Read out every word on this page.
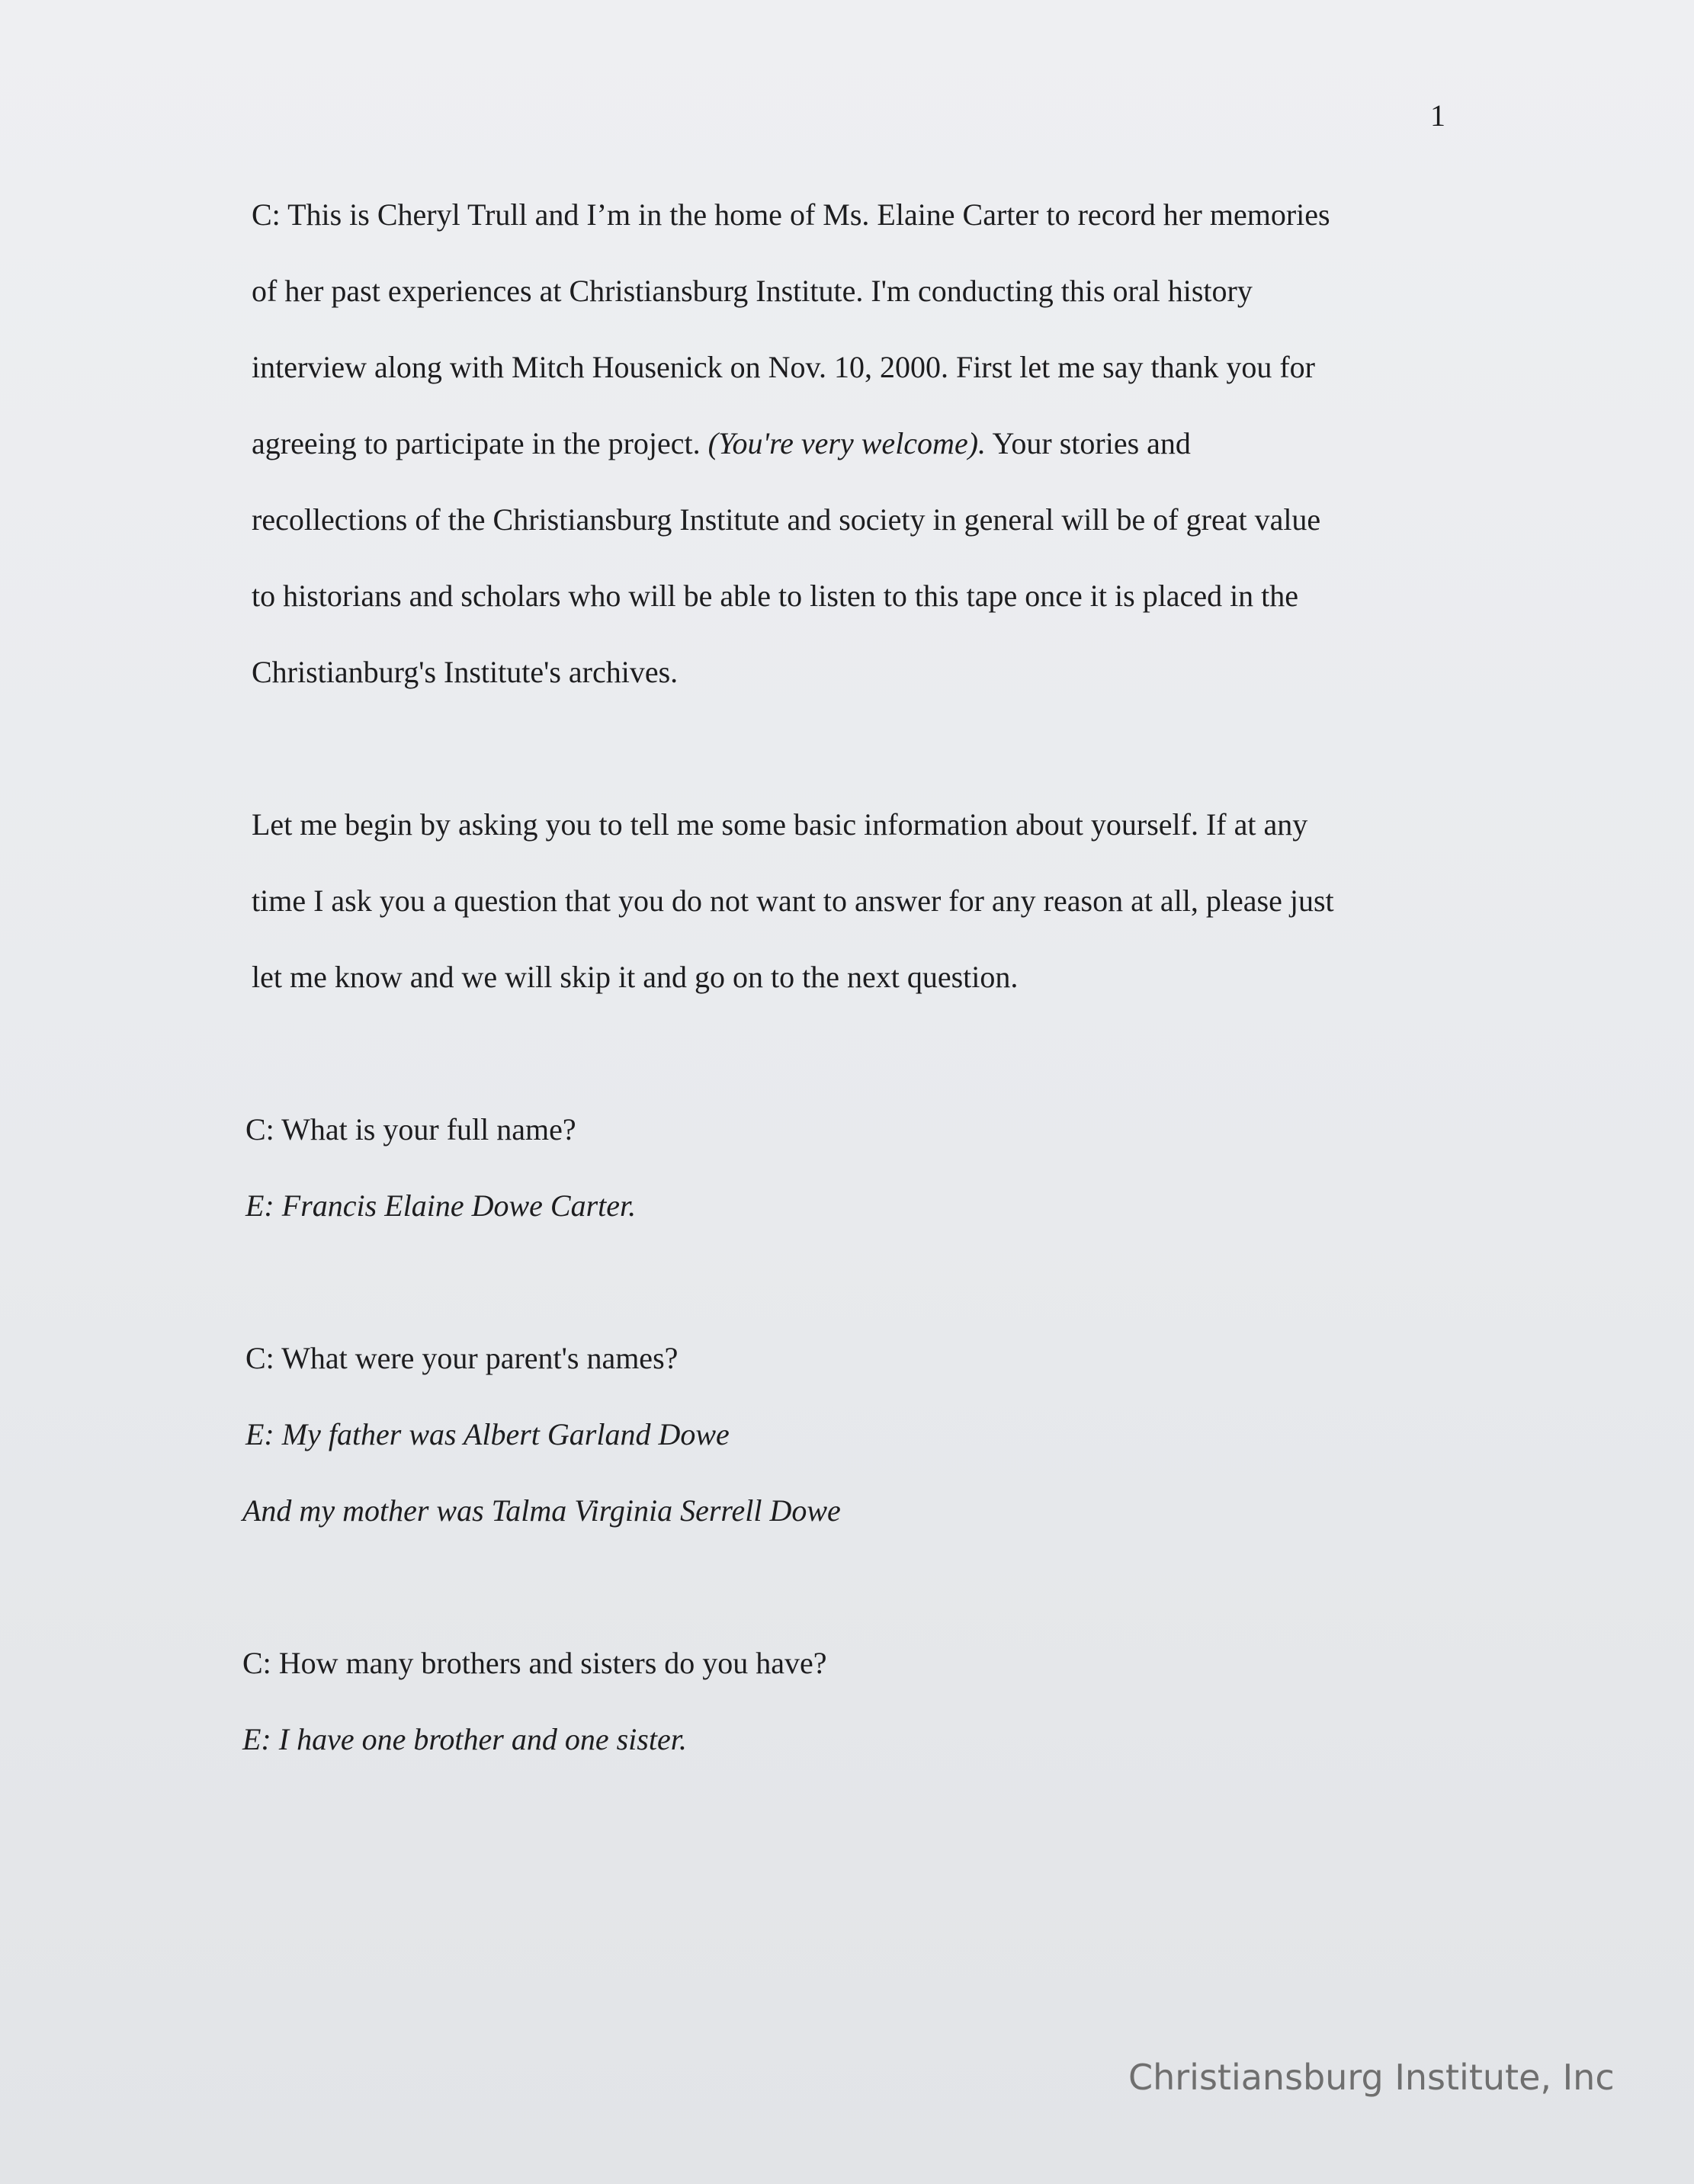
1

C: This is Cheryl Trull and I’m in the home of Ms. Elaine Carter to record her memories
of her past experiences at Christiansburg Institute. I'm conducting this oral history
interview along with Mitch Housenick on Nov. 10, 2000. First let me say thank you for
agreeing to participate in the project. (You're very welcome). Your stories and
recollections of the Christiansburg Institute and society in general will be of great value
to historians and scholars who will be able to listen to this tape once it is placed in the
Christianburg's Institute's archives.

Let me begin by asking you to tell me some basic information about yourself. If at any
time I ask you a question that you do not want to answer for any reason at all, please just
let me know and we will skip it and go on to the next question.

C: What is your full name?
E: Francis Elaine Dowe Carter.
C: What were your parent's names?
E: My father was Albert Garland Dowe
And my mother was Talma Virginia Serrell Dowe
C: How many brothers and sisters do you have?
E: I have one brother and one sister.
Christiansburg Institute, Inc
